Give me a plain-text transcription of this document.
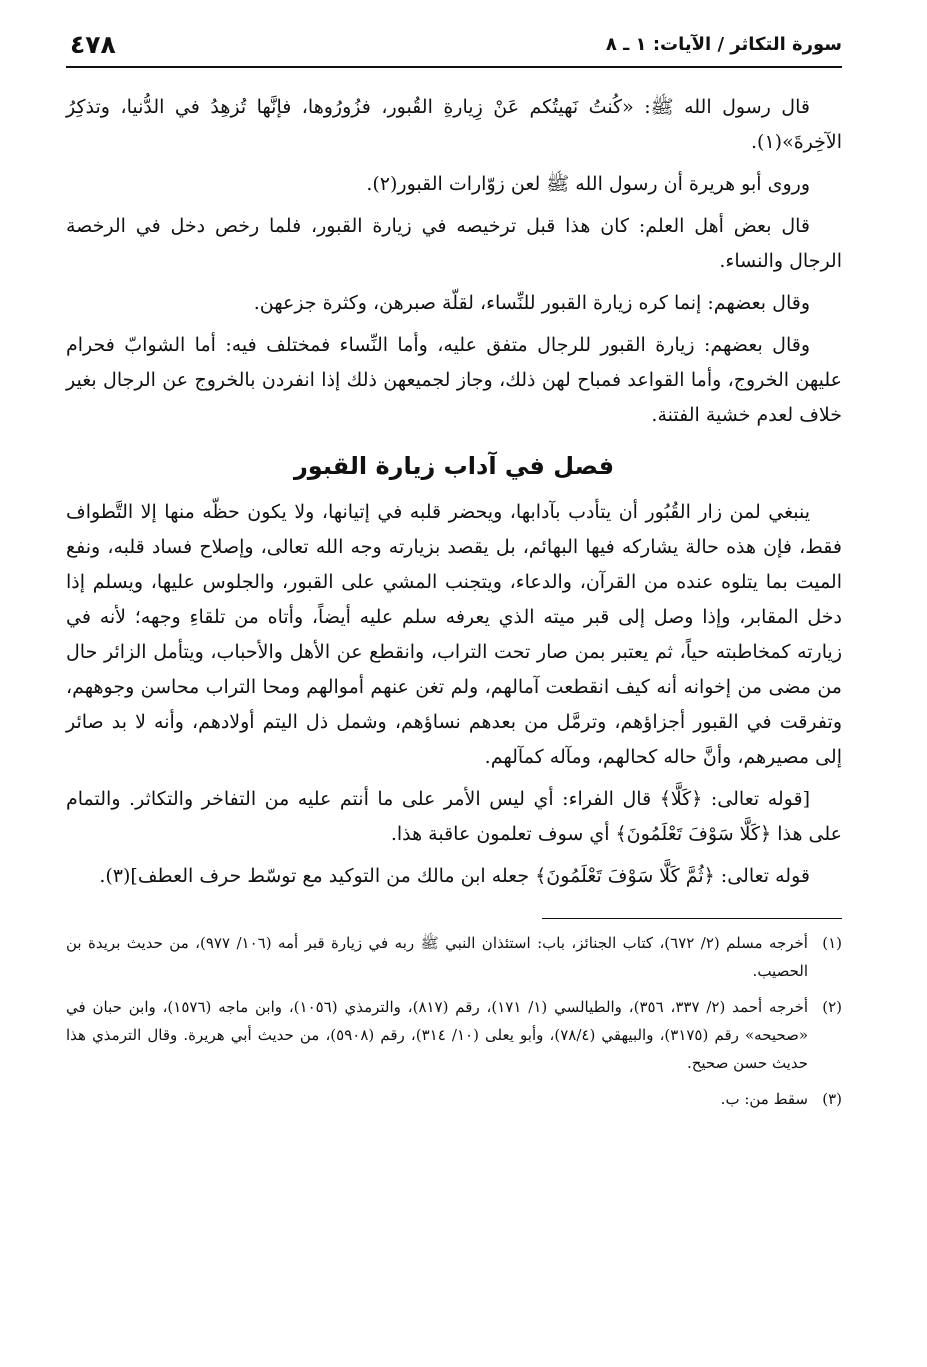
سورة التكاثر / الآيات: ١ ـ ٨
٤٧٨

قال رسول الله ﷺ: «كُنتُ نَهيتُكم عَنْ زِيارةِ القُبور، فزُورُوها، فإنَّها تُزهِدُ في الدُّنيا، وتذكِرُ الآخِرةَ»(١).

وروى أبو هريرة أن رسول الله ﷺ لعن زوّارات القبور(٢).

قال بعض أهل العلم: كان هذا قبل ترخيصه في زيارة القبور، فلما رخص دخل في الرخصة الرجال والنساء.

وقال بعضهم: إنما كره زيارة القبور للنِّساء، لقلّة صبرهن، وكثرة جزعهن.

وقال بعضهم: زيارة القبور للرجال متفق عليه، وأما النِّساء فمختلف فيه: أما الشوابّ فحرام عليهن الخروج، وأما القواعد فمباح لهن ذلك، وجاز لجميعهن ذلك إذا انفردن بالخروج عن الرجال بغير خلاف لعدم خشية الفتنة.

فصل في آداب زيارة القبور

ينبغي لمن زار القُبُور أن يتأدب بآدابها، ويحضر قلبه في إتيانها، ولا يكون حظّه منها إلا التَّطواف فقط، فإن هذه حالة يشاركه فيها البهائم، بل يقصد بزيارته وجه الله تعالى، وإصلاح فساد قلبه، ونفع الميت بما يتلوه عنده من القرآن، والدعاء، ويتجنب المشي على القبور، والجلوس عليها، ويسلم إذا دخل المقابر، وإذا وصل إلى قبر ميته الذي يعرفه سلم عليه أيضاً، وأتاه من تلقاءِ وجهه؛ لأنه في زيارته كمخاطبته حياً، ثم يعتبر بمن صار تحت التراب، وانقطع عن الأهل والأحباب، ويتأمل الزائر حال من مضى من إخوانه أنه كيف انقطعت آمالهم، ولم تغن عنهم أموالهم ومحا التراب محاسن وجوههم، وتفرقت في القبور أجزاؤهم، وترمَّل من بعدهم نساؤهم، وشمل ذل اليتم أولادهم، وأنه لا بد صائر إلى مصيرهم، وأنَّ حاله كحالهم، ومآله كمآلهم.

[قوله تعالى: ﴿كَلَّا﴾ قال الفراء: أي ليس الأمر على ما أنتم عليه من التفاخر والتكاثر. والتمام على هذا ﴿كَلَّا سَوْفَ تَعْلَمُونَ﴾ أي سوف تعلمون عاقبة هذا.

قوله تعالى: ﴿ثُمَّ كَلَّا سَوْفَ تَعْلَمُونَ﴾ جعله ابن مالك من التوكيد مع توسّط حرف العطف](٣).

(١)
أخرجه مسلم (٢/ ٦٧٢)، كتاب الجنائز، باب: استئذان النبي ﷺ ربه في زيارة قبر أمه (١٠٦/ ٩٧٧)، من حديث بريدة بن الحصيب.
(٢)
أخرجه أحمد (٢/ ٣٣٧، ٣٥٦)، والطيالسي (١/ ١٧١)، رقم (٨١٧)، والترمذي (١٠٥٦)، وابن ماجه (١٥٧٦)، وابن حبان في «صحيحه» رقم (٣١٧٥)، والبيهقي (٧٨/٤)، وأبو يعلى (١٠/ ٣١٤)، رقم (٥٩٠٨)، من حديث أبي هريرة. وقال الترمذي هذا حديث حسن صحيح.
(٣)
سقط من: ب.
